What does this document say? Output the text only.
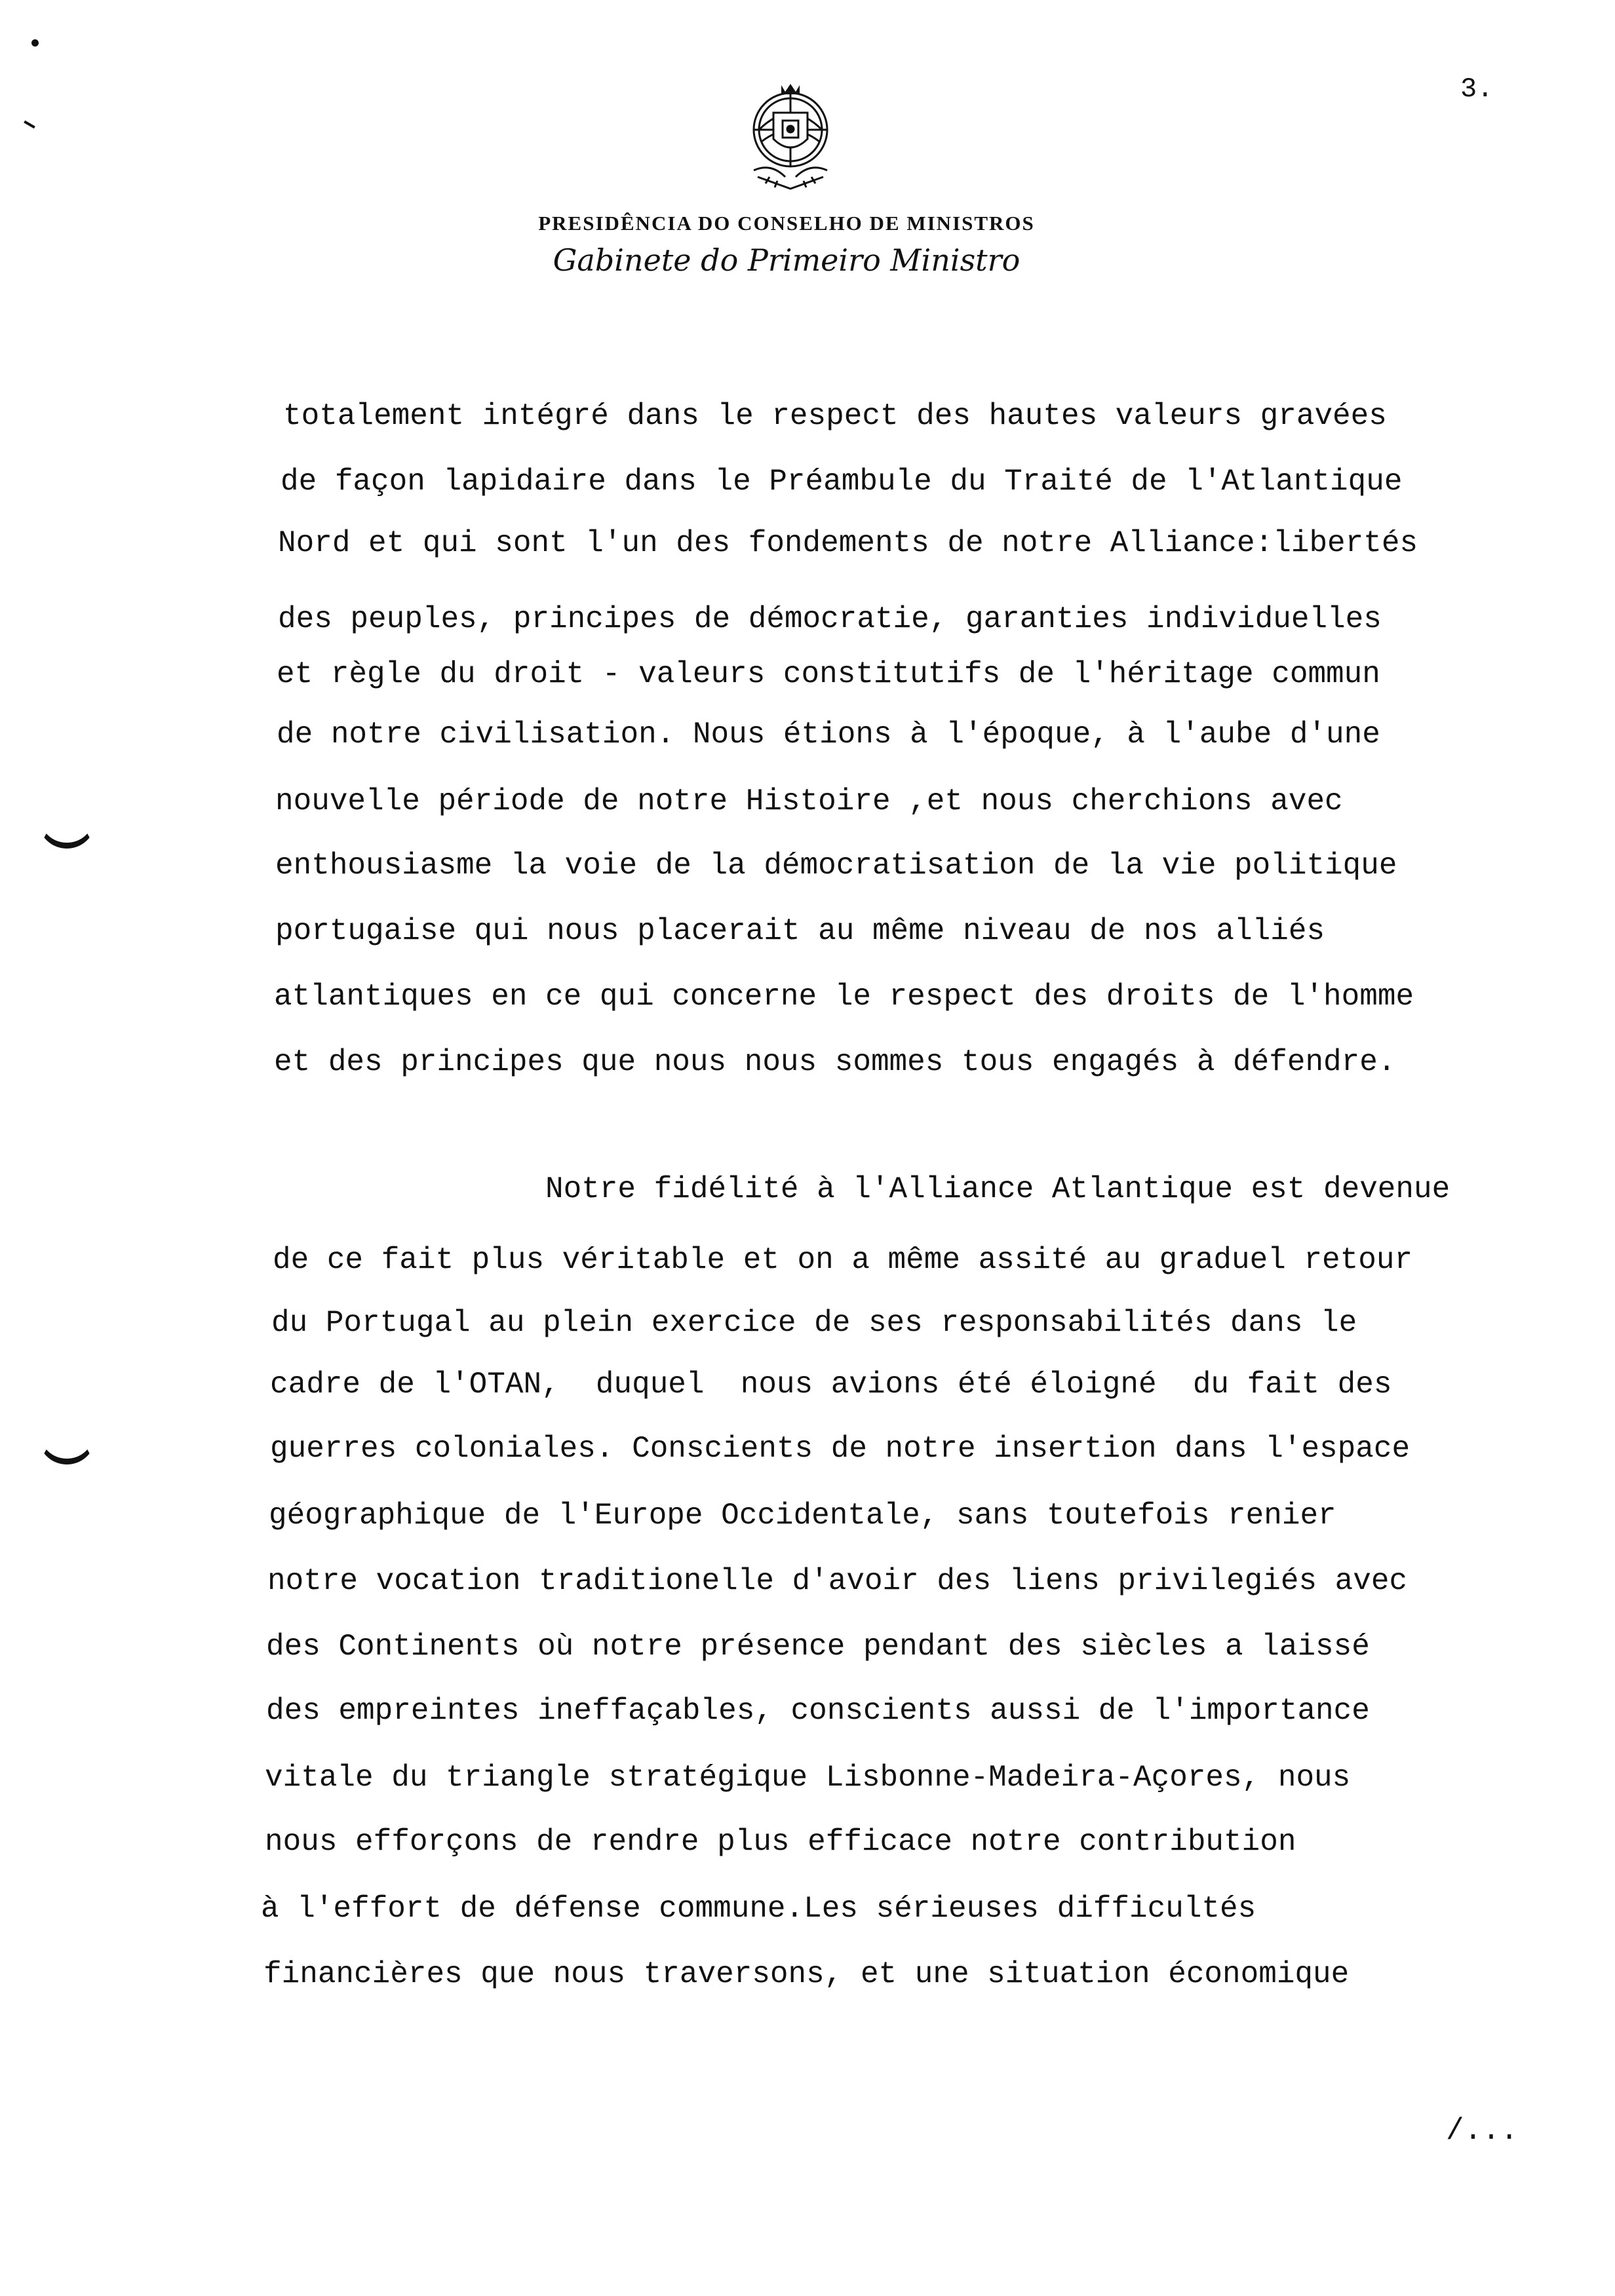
3.
PRESIDÊNCIA DO CONSELHO DE MINISTROS
Gabinete do Primeiro Ministro
totalement intégré dans le respect des hautes valeurs gravées
de façon lapidaire dans le Préambule du Traité de l'Atlantique
Nord et qui sont l'un des fondements de notre Alliance:libertés
des peuples, principes de démocratie, garanties individuelles
et règle du droit - valeurs constitutifs de l'héritage commun
de notre civilisation. Nous étions à l'époque, à l'aube d'une
nouvelle période de notre Histoire ,et nous cherchions avec
enthousiasme la voie de la démocratisation de la vie politique
portugaise qui nous placerait au même niveau de nos alliés
atlantiques en ce qui concerne le respect des droits de l'homme
et des principes que nous nous sommes tous engagés à défendre.
Notre fidélité à l'Alliance Atlantique est devenue
de ce fait plus véritable et on a même assité au graduel retour
du Portugal au plein exercice de ses responsabilités dans le
cadre de l'OTAN,  duquel  nous avions été éloigné  du fait des
guerres coloniales. Conscients de notre insertion dans l'espace
géographique de l'Europe Occidentale, sans toutefois renier
notre vocation traditionelle d'avoir des liens privilegiés avec
des Continents où notre présence pendant des siècles a laissé
des empreintes ineffaçables, conscients aussi de l'importance
vitale du triangle stratégique Lisbonne-Madeira-Açores, nous
nous efforçons de rendre plus efficace notre contribution
à l'effort de défense commune.Les sérieuses difficultés
financières que nous traversons, et une situation économique
/...
